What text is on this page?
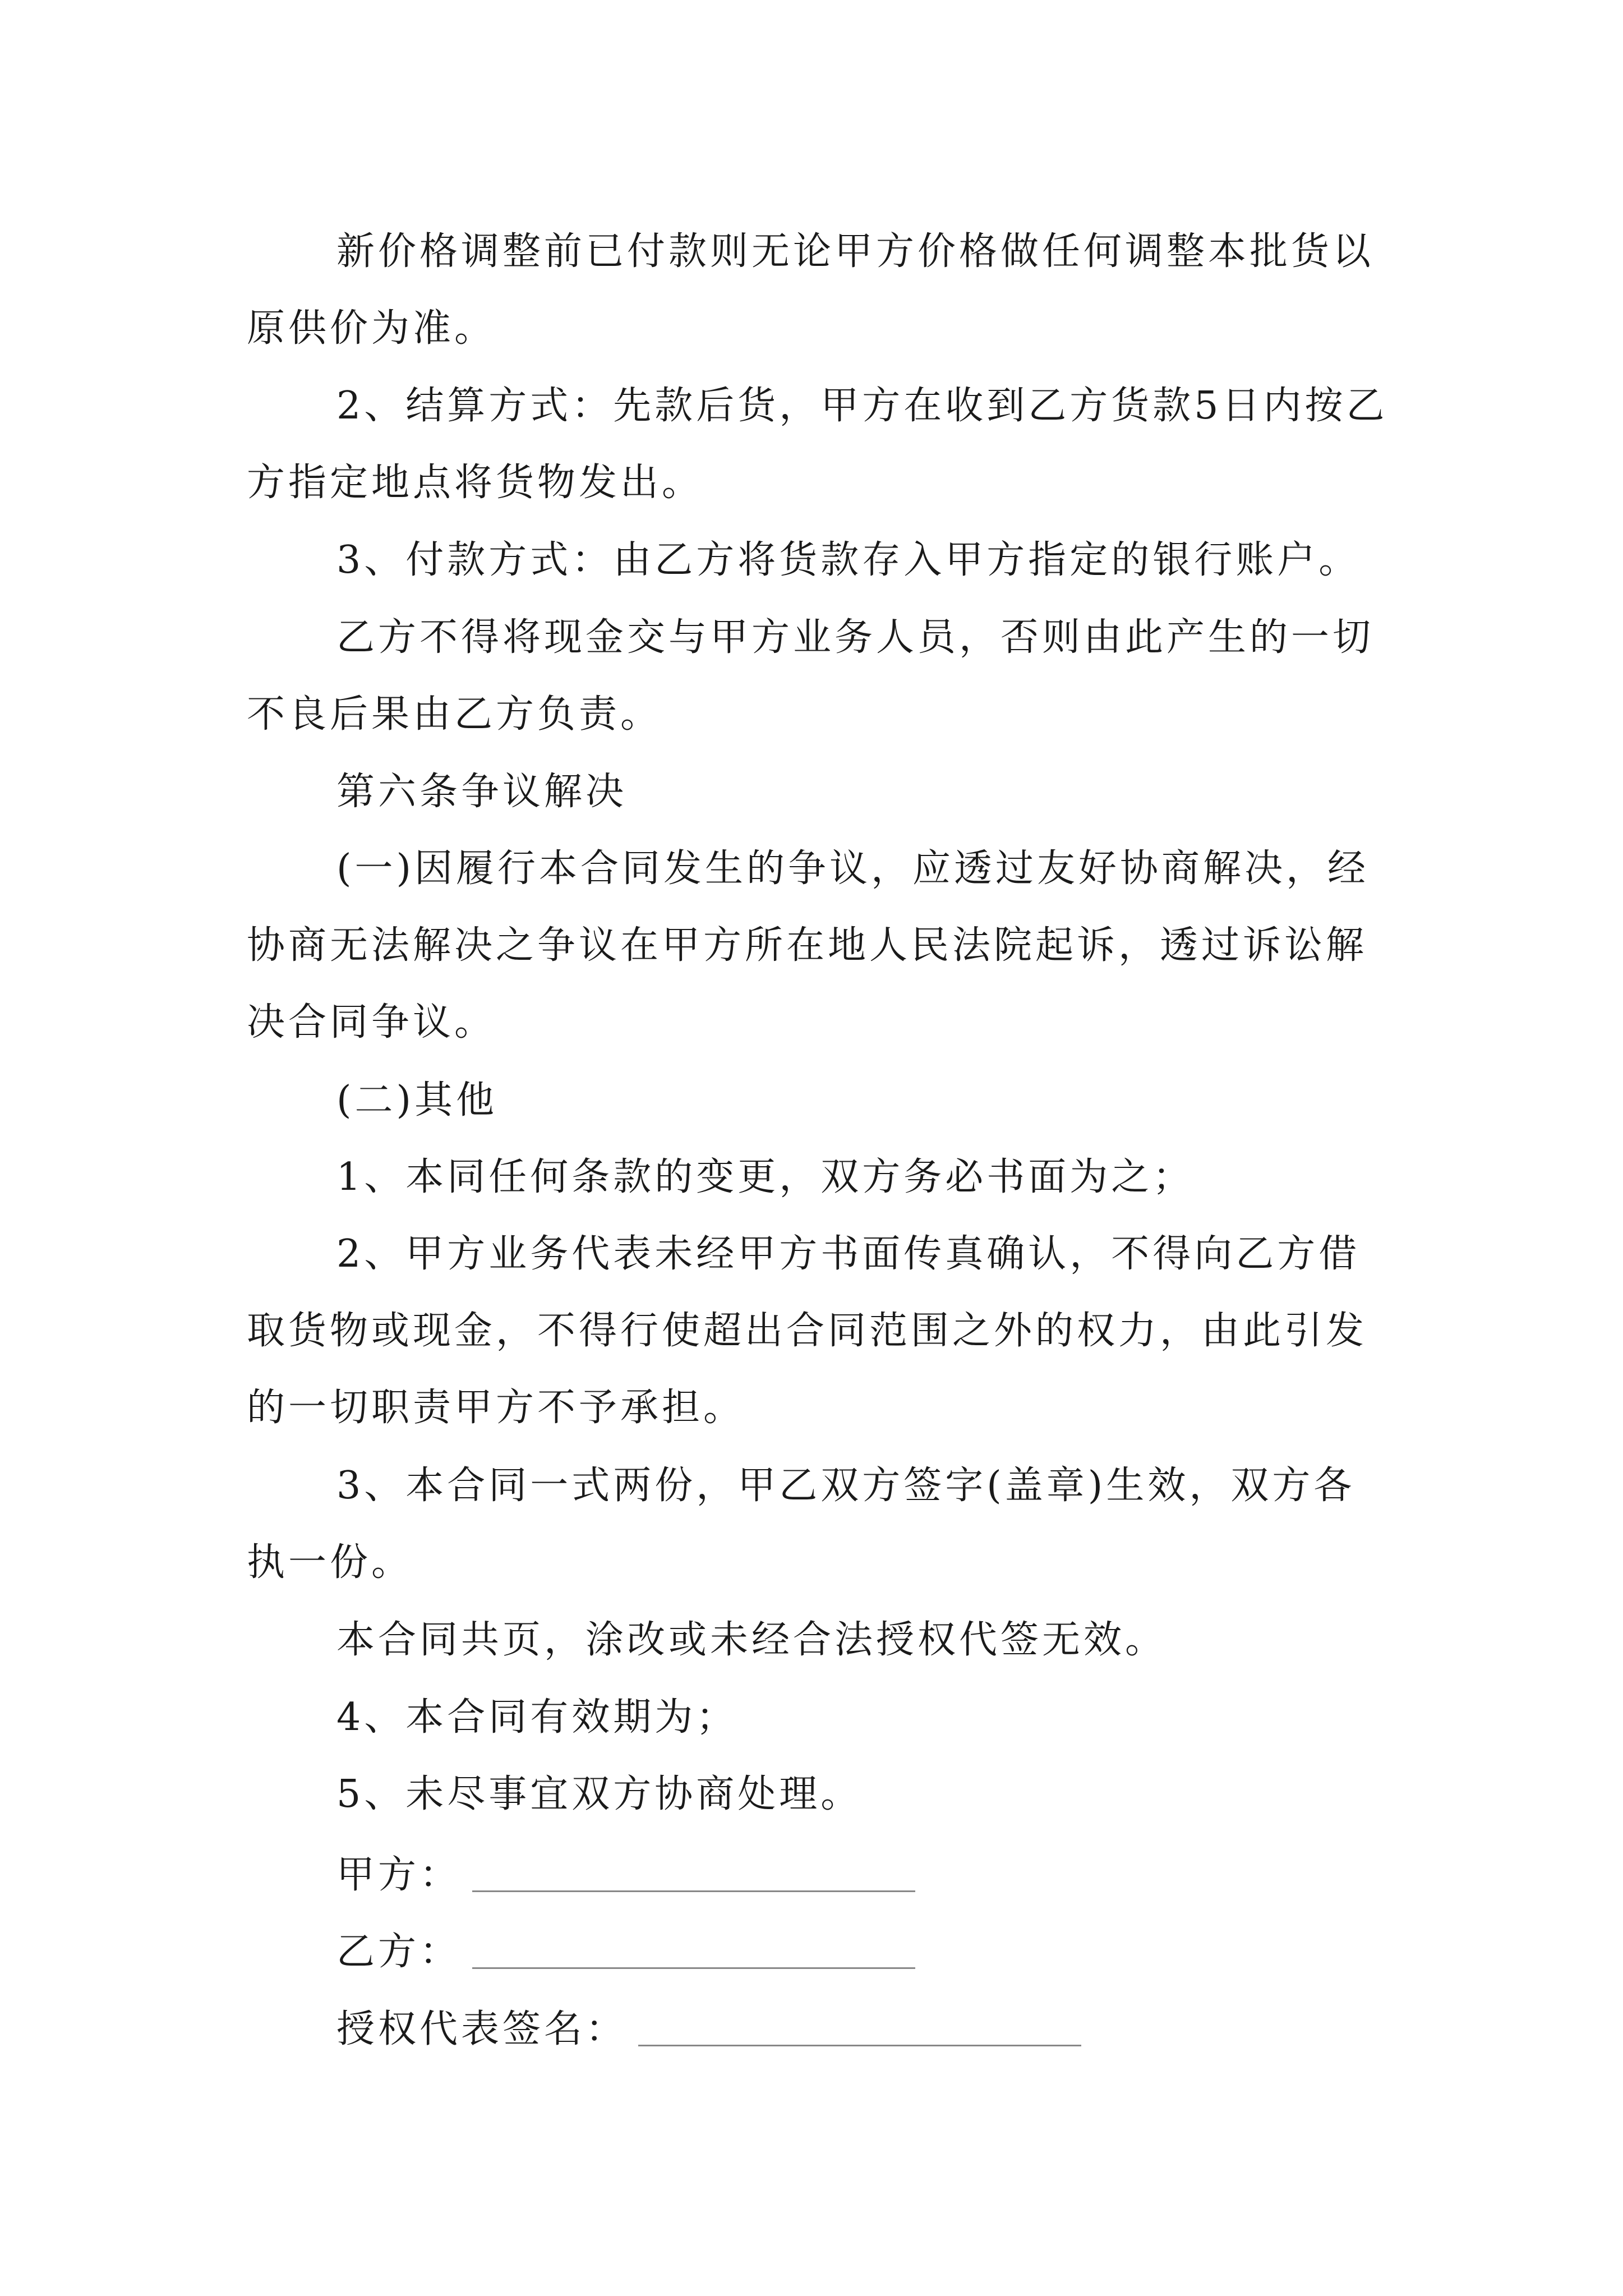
新价格调整前已付款则无论甲方价格做任何调整本批货以原供价为准。
2、结算方式：先款后货，甲方在收到乙方货款5日内按乙方指定地点将货物发出。
3、付款方式：由乙方将货款存入甲方指定的银行账户。
乙方不得将现金交与甲方业务人员，否则由此产生的一切不良后果由乙方负责。
第六条争议解决
(一)因履行本合同发生的争议，应透过友好协商解决，经协商无法解决之争议在甲方所在地人民法院起诉，透过诉讼解决合同争议。
(二)其他
1、本同任何条款的变更，双方务必书面为之；
2、甲方业务代表未经甲方书面传真确认，不得向乙方借取货物或现金，不得行使超出合同范围之外的权力，由此引发的一切职责甲方不予承担。
3、本合同一式两份，甲乙双方签字(盖章)生效，双方各执一份。
本合同共页，涂改或未经合法授权代签无效。
4、本合同有效期为；
5、未尽事宜双方协商处理。
甲方：
乙方：
授权代表签名：
